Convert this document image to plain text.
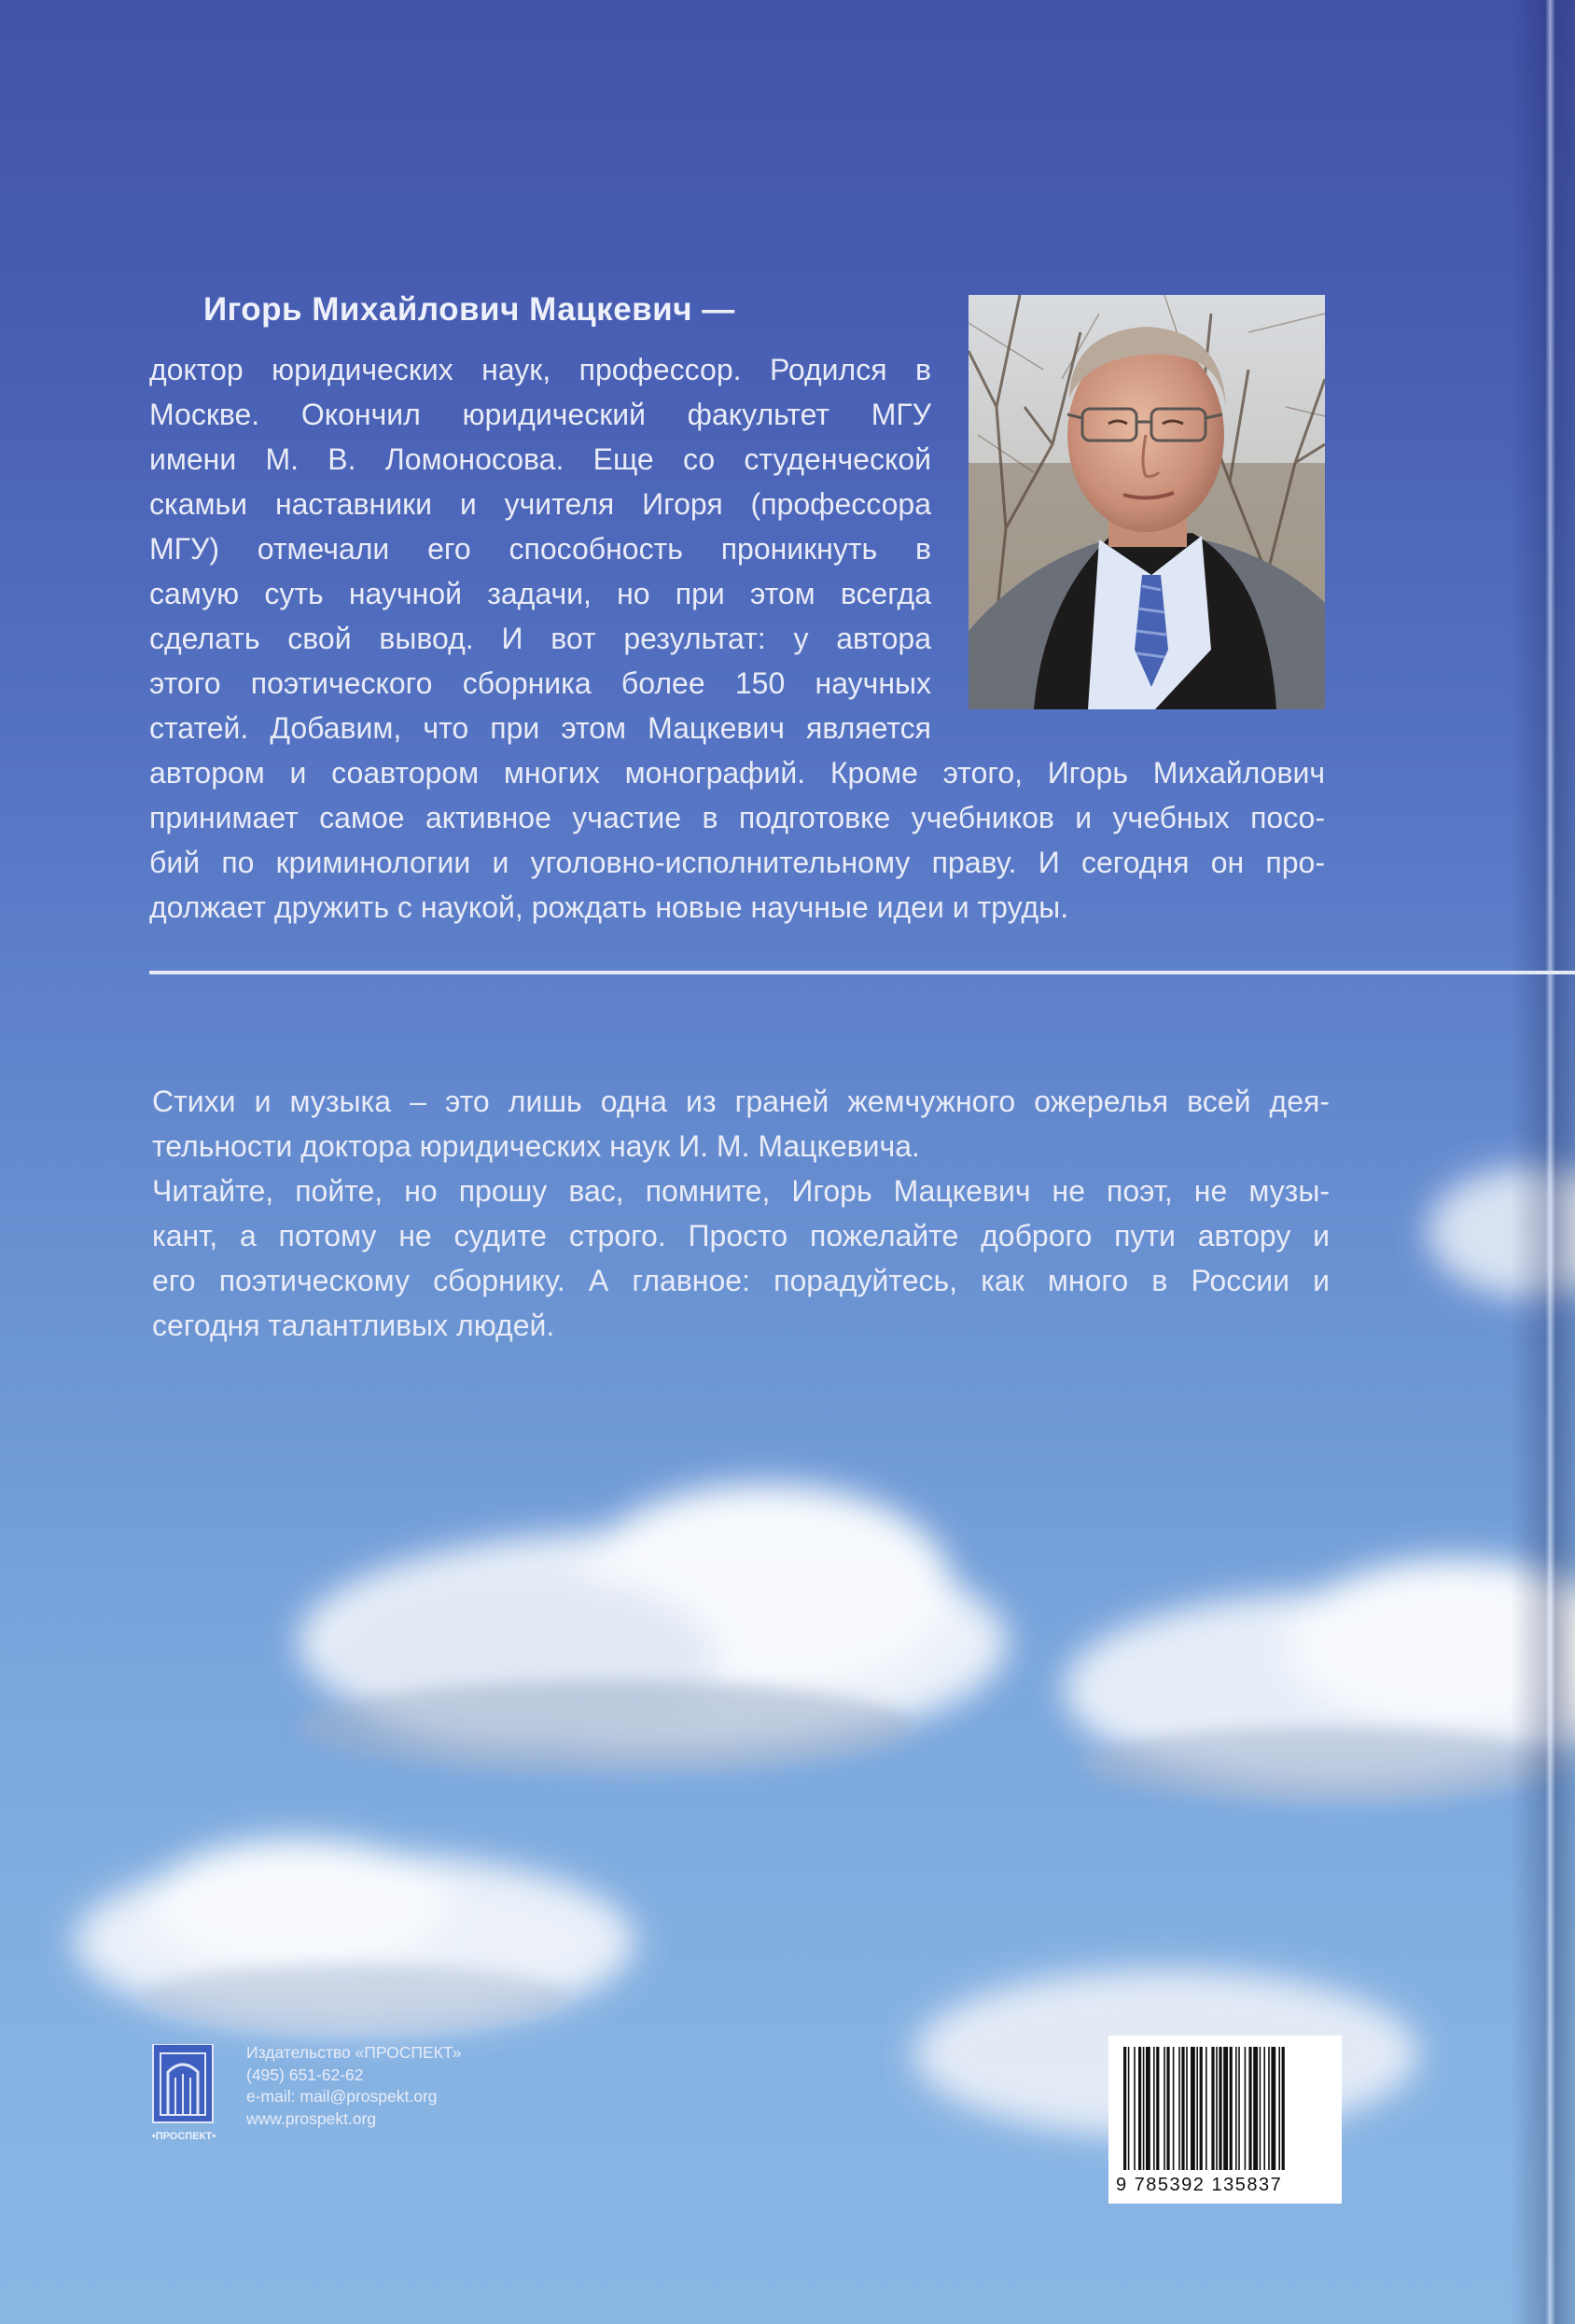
Игорь Михайлович Мацкевич —

доктор юридических наук, профессор. Родился в

Москве. Окончил юридический факультет МГУ

имени М. В. Ломоносова. Еще со студенческой

скамьи наставники и учителя Игоря (профессора

МГУ) отмечали его способность проникнуть в

самую суть научной задачи, но при этом всегда

сделать свой вывод. И вот результат: у автора

этого поэтического сборника более 150 научных

статей. Добавим, что при этом Мацкевич является

автором и соавтором многих монографий. Кроме этого, Игорь Михайлович

принимает самое активное участие в подготовке учебников и учебных посо-

бий по криминологии и уголовно-исполнительному праву. И сегодня он про-

должает дружить с наукой, рождать новые научные идеи и труды.

Стихи и музыка – это лишь одна из граней жемчужного ожерелья всей дея-

тельности доктора юридических наук И. М. Мацкевича.

Читайте, пойте, но прошу вас, помните, Игорь Мацкевич не поэт, не музы-

кант, а потому не судите строго. Просто пожелайте доброго пути автору и

его поэтическому сборнику. А главное: порадуйтесь, как много в России и

сегодня талантливых людей.

•ПРОСПЕКТ•
Издательство «ПРОСПЕКТ»
(495) 651-62-62
e-mail: mail@prospekt.org
www.prospekt.org
9 785392 135837
